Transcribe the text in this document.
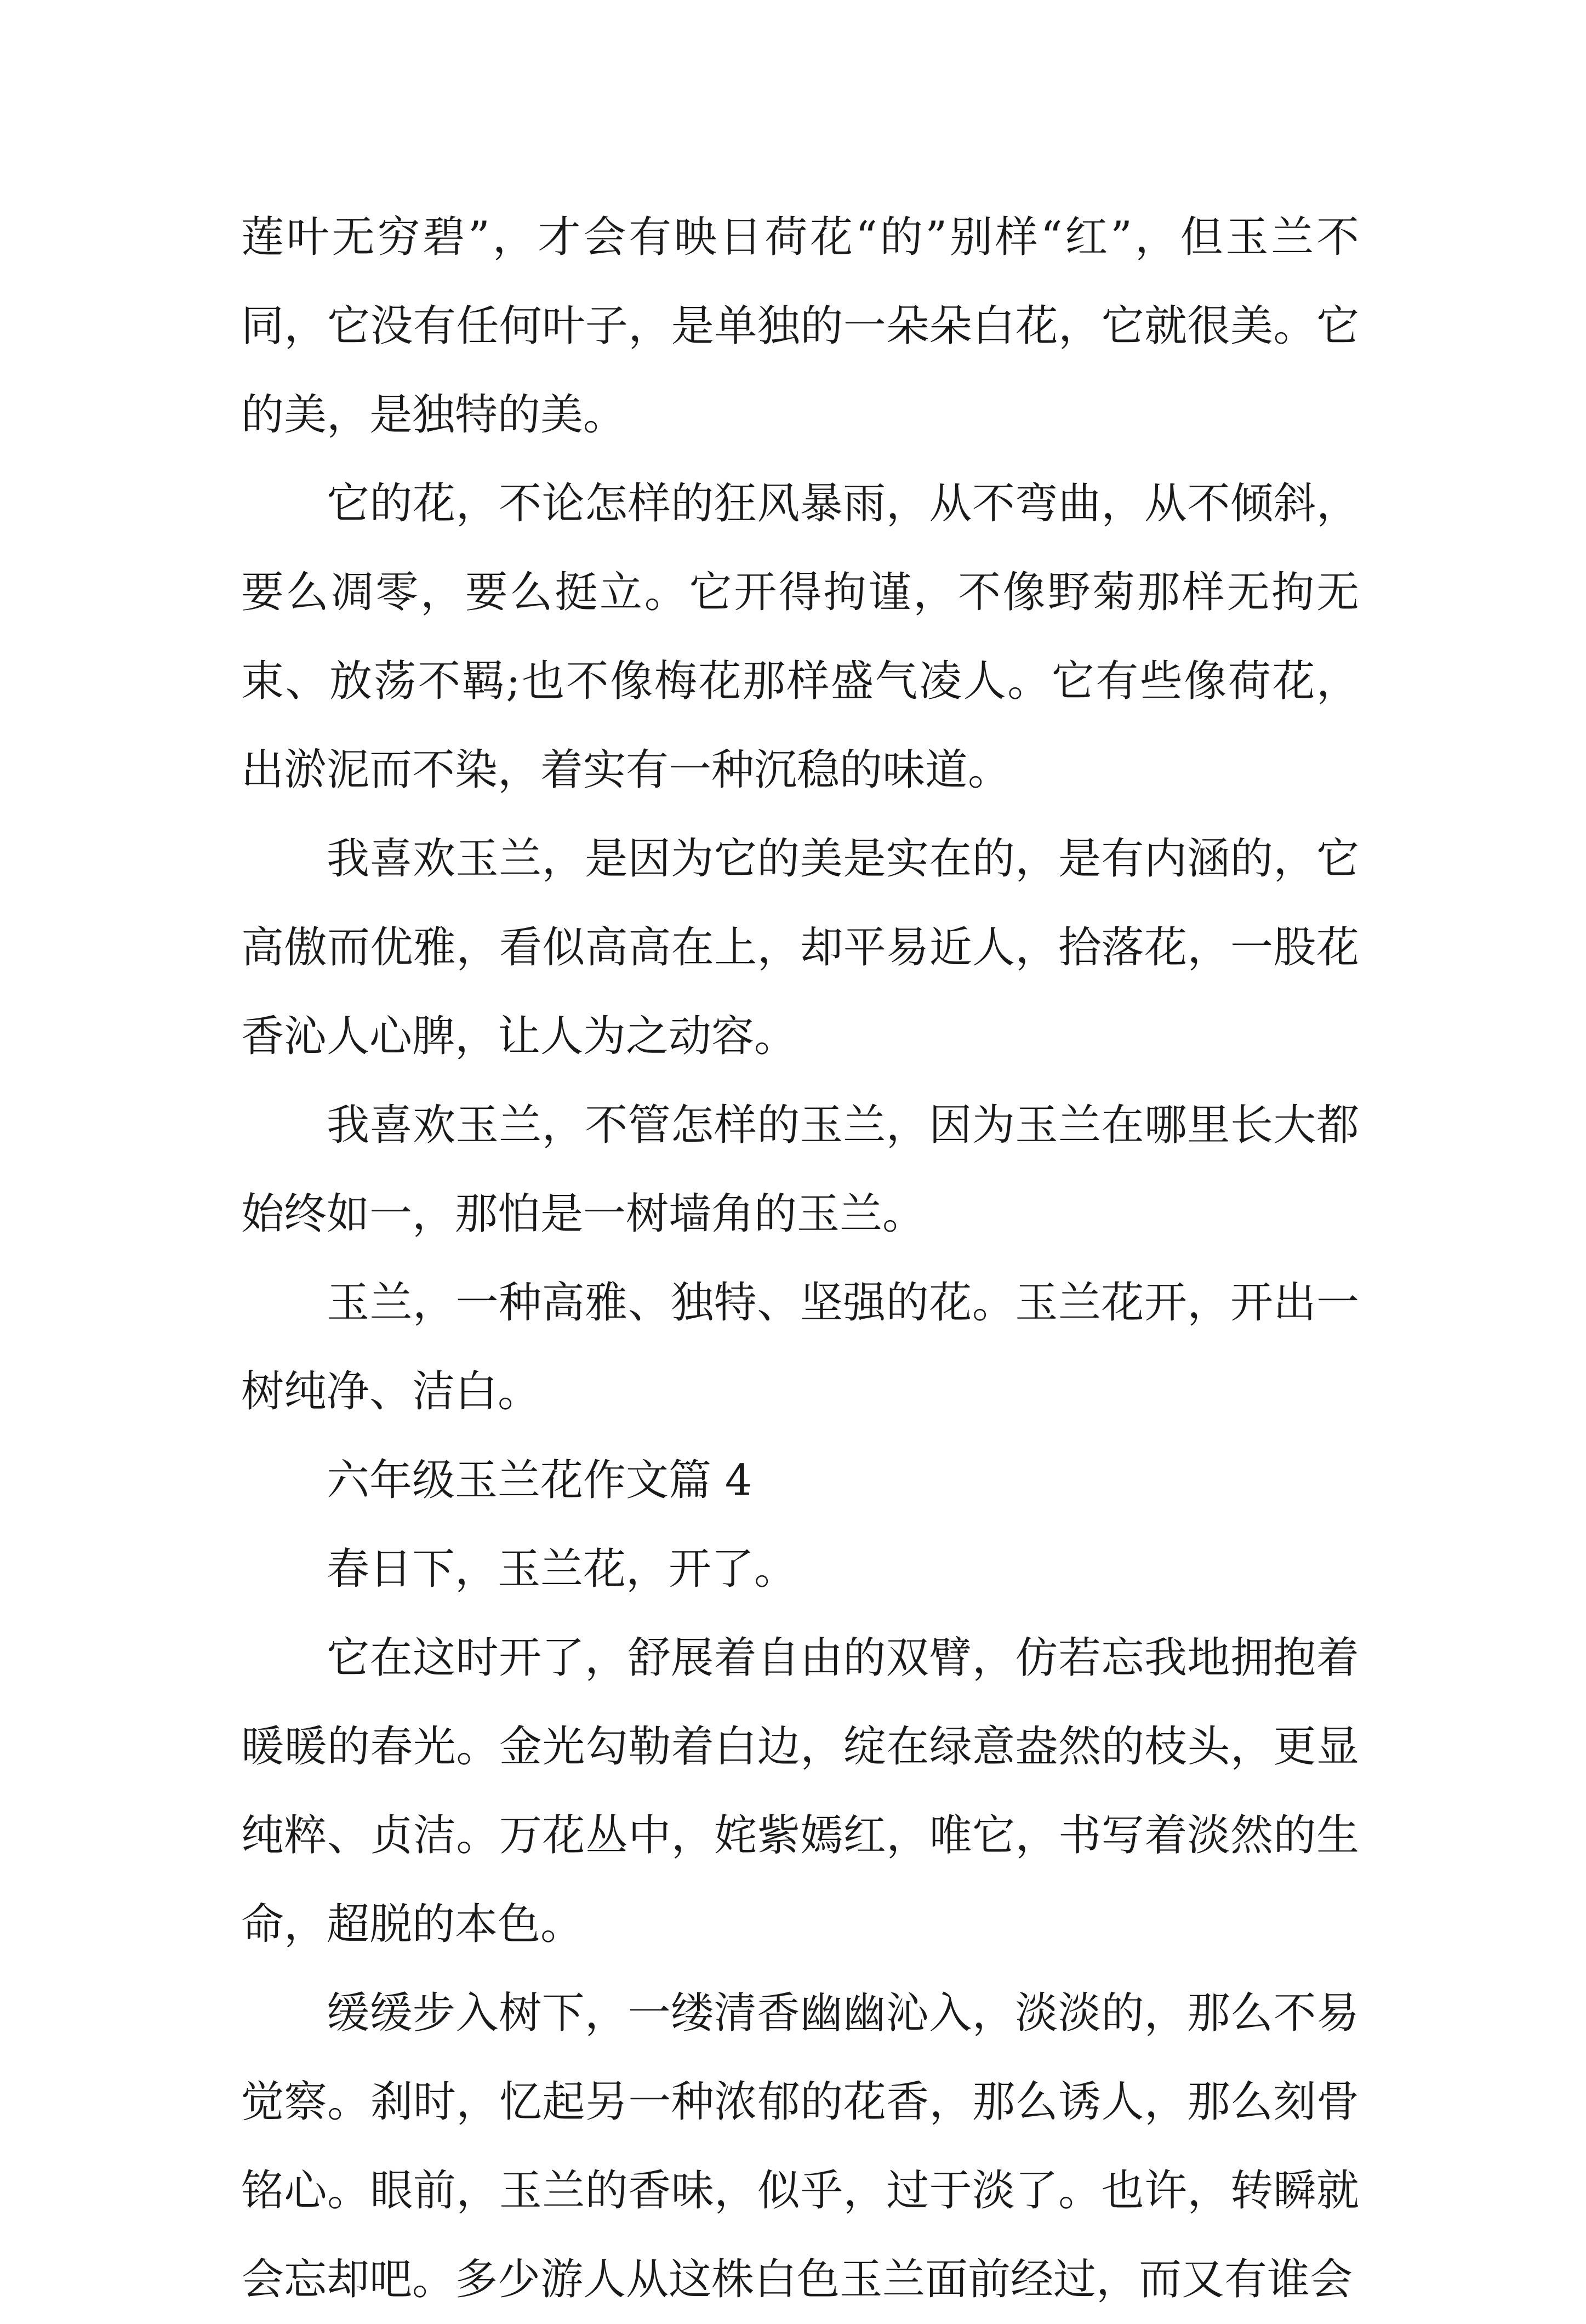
莲叶无穷碧”，才会有映日荷花“的”别样“红”，但玉兰不同，它没有任何叶子，是单独的一朵朵白花，它就很美。它的美，是独特的美。

它的花，不论怎样的狂风暴雨，从不弯曲，从不倾斜，要么凋零，要么挺立。它开得拘谨，不像野菊那样无拘无束、放荡不羁;也不像梅花那样盛气凌人。它有些像荷花，出淤泥而不染，着实有一种沉稳的味道。

我喜欢玉兰，是因为它的美是实在的，是有内涵的，它高傲而优雅，看似高高在上，却平易近人，拾落花，一股花香沁人心脾，让人为之动容。

我喜欢玉兰，不管怎样的玉兰，因为玉兰在哪里长大都始终如一，那怕是一树墙角的玉兰。

玉兰，一种高雅、独特、坚强的花。玉兰花开，开出一树纯净、洁白。

六年级玉兰花作文篇 4

春日下，玉兰花，开了。

它在这时开了，舒展着自由的双臂，仿若忘我地拥抱着暖暖的春光。金光勾勒着白边，绽在绿意盎然的枝头，更显纯粹、贞洁。万花丛中，姹紫嫣红，唯它，书写着淡然的生命，超脱的本色。

缓缓步入树下，一缕清香幽幽沁入，淡淡的，那么不易觉察。刹时，忆起另一种浓郁的花香，那么诱人，那么刻骨铭心。眼前，玉兰的香味，似乎，过于淡了。也许，转瞬就会忘却吧。多少游人从这株白色玉兰面前经过，而又有谁会
